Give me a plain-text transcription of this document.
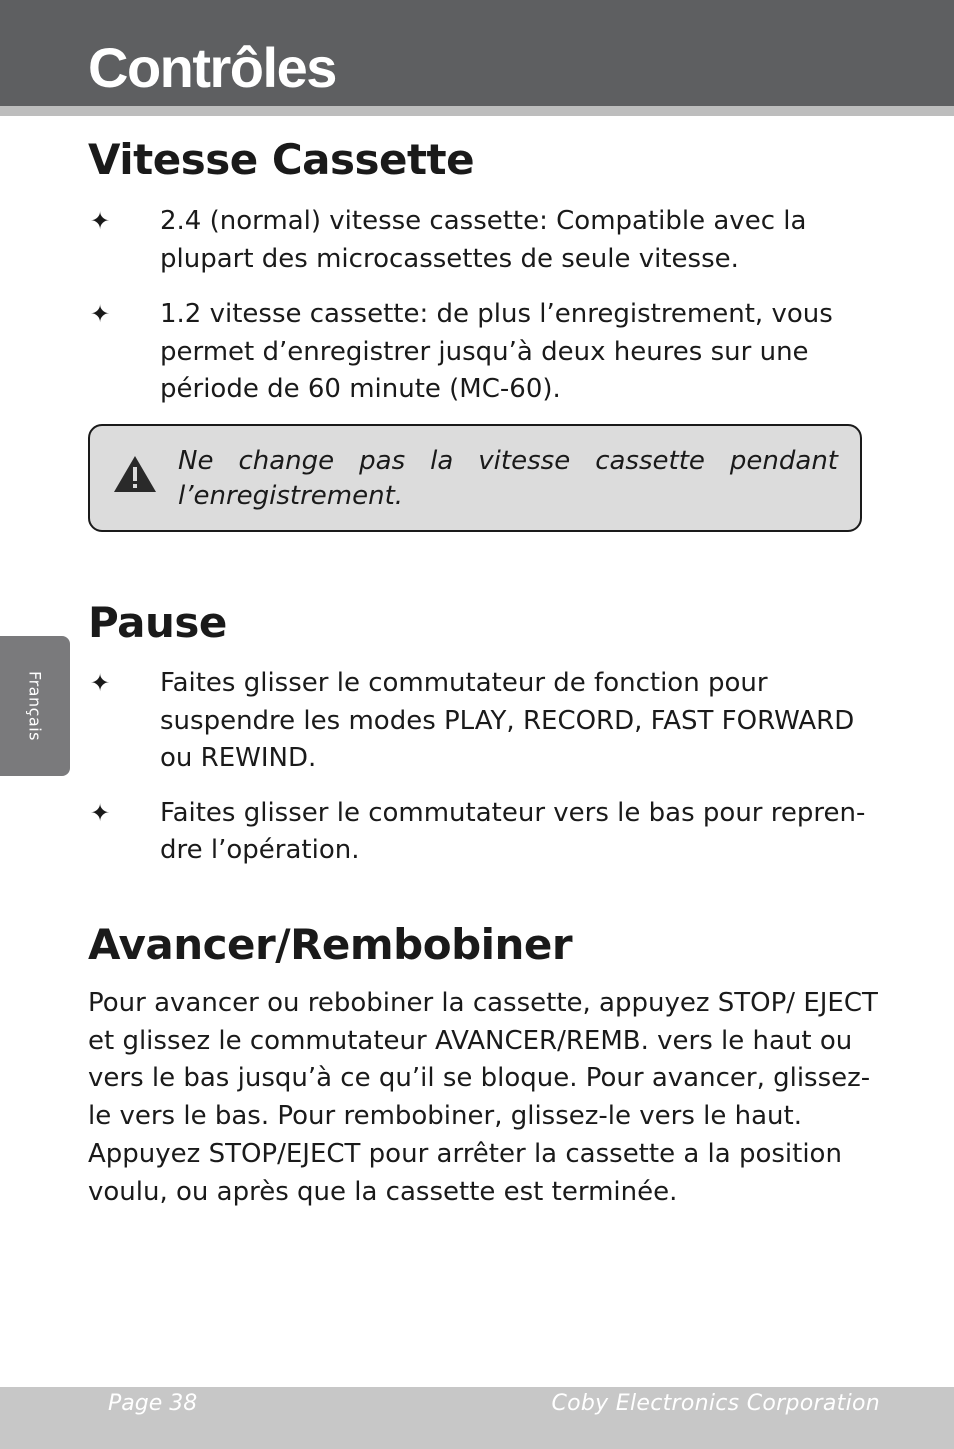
Contrôles
Français
Vitesse Cassette
✦ 2.4 (normal) vitesse cassette: Compatible avec la plupart des microcassettes de seule vitesse.
✦ 1.2 vitesse cassette: de plus l’enregistrement, vous permet d’enregistrer jusqu’à deux heures sur une période de 60 minute (MC-60).

Ne change pas la vitesse cassette pendant l’enregistrement.

Pause
✦ Faites glisser le commutateur de fonction pour suspendre les modes PLAY, RECORD, FAST FORWARD ou REWIND.
✦ Faites glisser le commutateur vers le bas pour repren-dre l’opération.
Avancer/Rembobiner

Pour avancer ou rebobiner la cassette, appuyez STOP/ EJECT et glissez le commutateur AVANCER/REMB. vers le haut ou vers le bas jusqu’à ce qu’il se bloque. Pour avancer, glissez-le vers le bas. Pour rembobiner, glissez-le vers le haut. Appuyez STOP/EJECT pour arrêter la cassette a la position voulu, ou après que la cassette est terminée.

Page 38	Coby Electronics Corporation
